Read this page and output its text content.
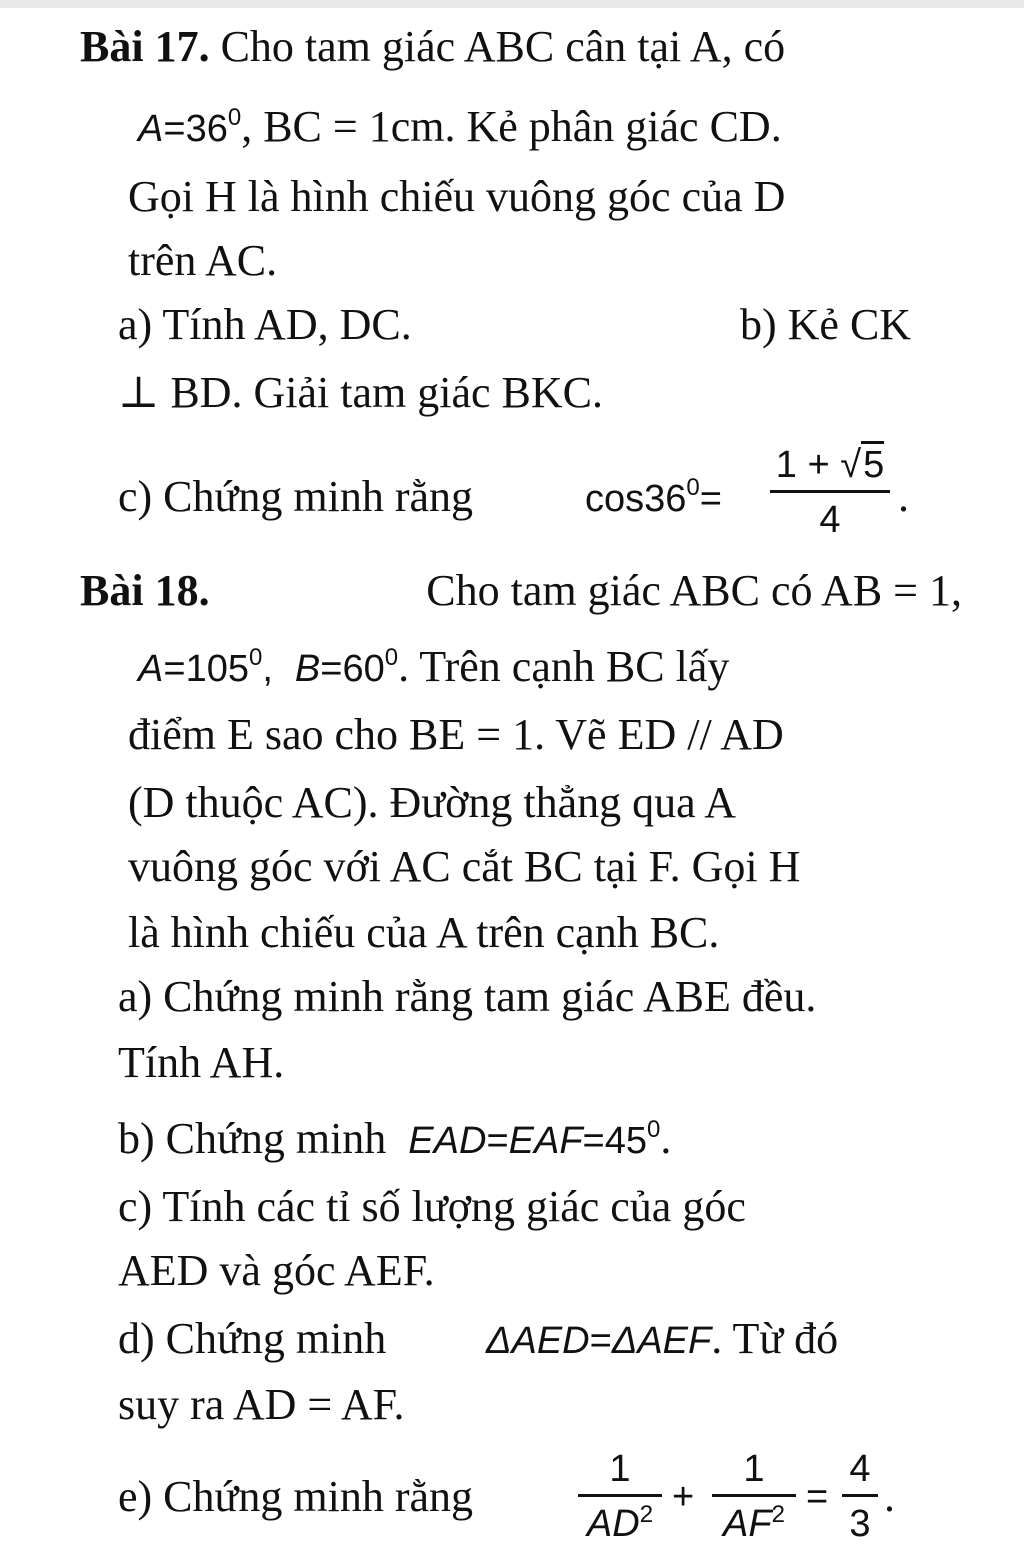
Bài 17. Cho tam giác ABC cân tại A, có
$A=36^0$, BC = 1cm. Kẻ phân giác CD.
Gọi H là hình chiếu vuông góc của D
trên AC.
a) Tính AD, DC.	b) Kẻ CK
⊥ BD. Giải tam giác BKC.
c) Chứng minh rằng	$\cos 36^0=$
1 + √5
4	.
Bài 18.	Cho tam giác ABC có AB = 1,
$A=105^0$, $B=60^0$. Trên cạnh BC lấy
điểm E sao cho BE = 1. Vẽ ED // AD
(D thuộc AC). Đường thẳng qua A
vuông góc với AC cắt BC tại F. Gọi H
là hình chiếu của A trên cạnh BC.
a) Chứng minh rằng tam giác ABE đều.
Tính AH.
b) Chứng minh $EAD=EAF=45^0$.
c) Tính các tỉ số lượng giác của góc
AED và góc AEF.
d) Chứng minh	ΔAED=ΔAEF. Từ đó
suy ra AD = AF.
e) Chứng minh rằng
1
$AD^2$ +
1
$AF^2$ =
4
3
.
